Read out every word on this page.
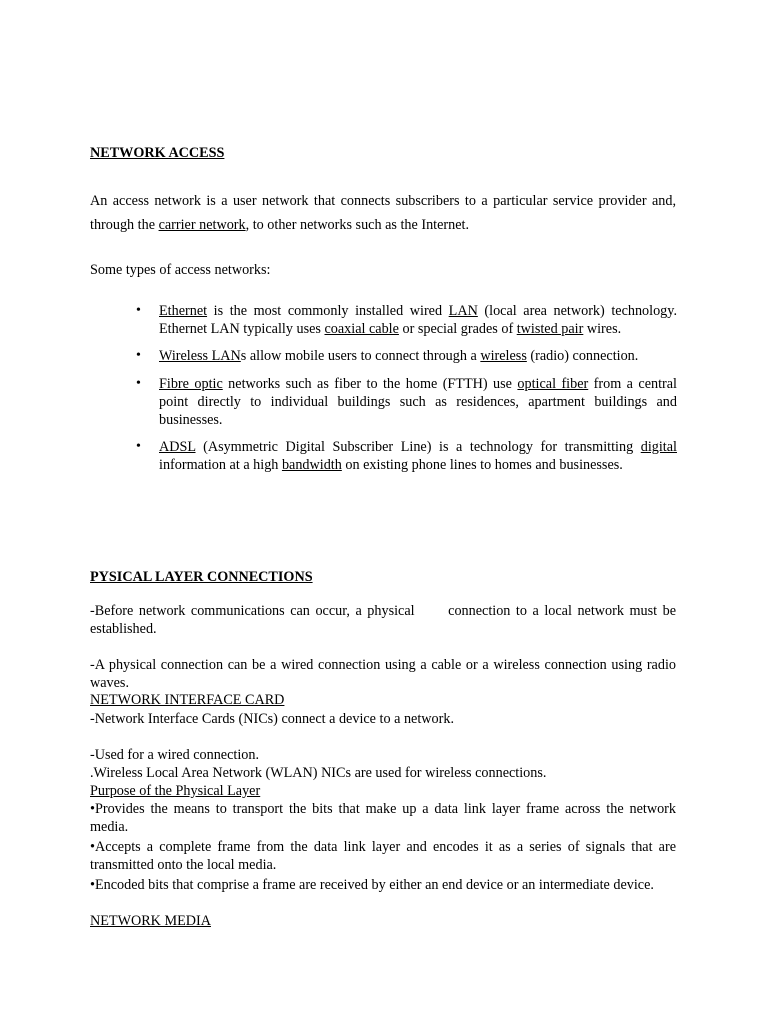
NETWORK ACCESS
An access network is a user network that connects subscribers to a particular service provider and, through the carrier network, to other networks such as the Internet.
Some types of access networks:
•	Ethernet is the most commonly installed wired LAN (local area network) technology. Ethernet LAN typically uses coaxial cable or special grades of twisted pair wires.
•	Wireless LANs allow mobile users to connect through a wireless (radio) connection.
•	Fibre optic networks such as fiber to the home (FTTH) use optical fiber from a central point directly to individual buildings such as residences, apartment buildings and businesses.
•	ADSL (Asymmetric Digital Subscriber Line) is a technology for transmitting digital information at a high bandwidth on existing phone lines to homes and businesses.
PYSICAL LAYER CONNECTIONS
-Before network communications can occur, a physical connection to a local network must be established.
-A physical connection can be a wired connection using a cable or a wireless connection using radio waves.
NETWORK INTERFACE CARD
-Network Interface Cards (NICs) connect a device to a network.
-Used for a wired connection.
.Wireless Local Area Network (WLAN) NICs are used for wireless connections.
Purpose of the Physical Layer
•Provides the means to transport the bits that make up a data link layer frame across the network media.
•Accepts a complete frame from the data link layer and encodes it as a series of signals that are transmitted onto the local media.
•Encoded bits that comprise a frame are received by either an end device or an intermediate device.
NETWORK MEDIA
